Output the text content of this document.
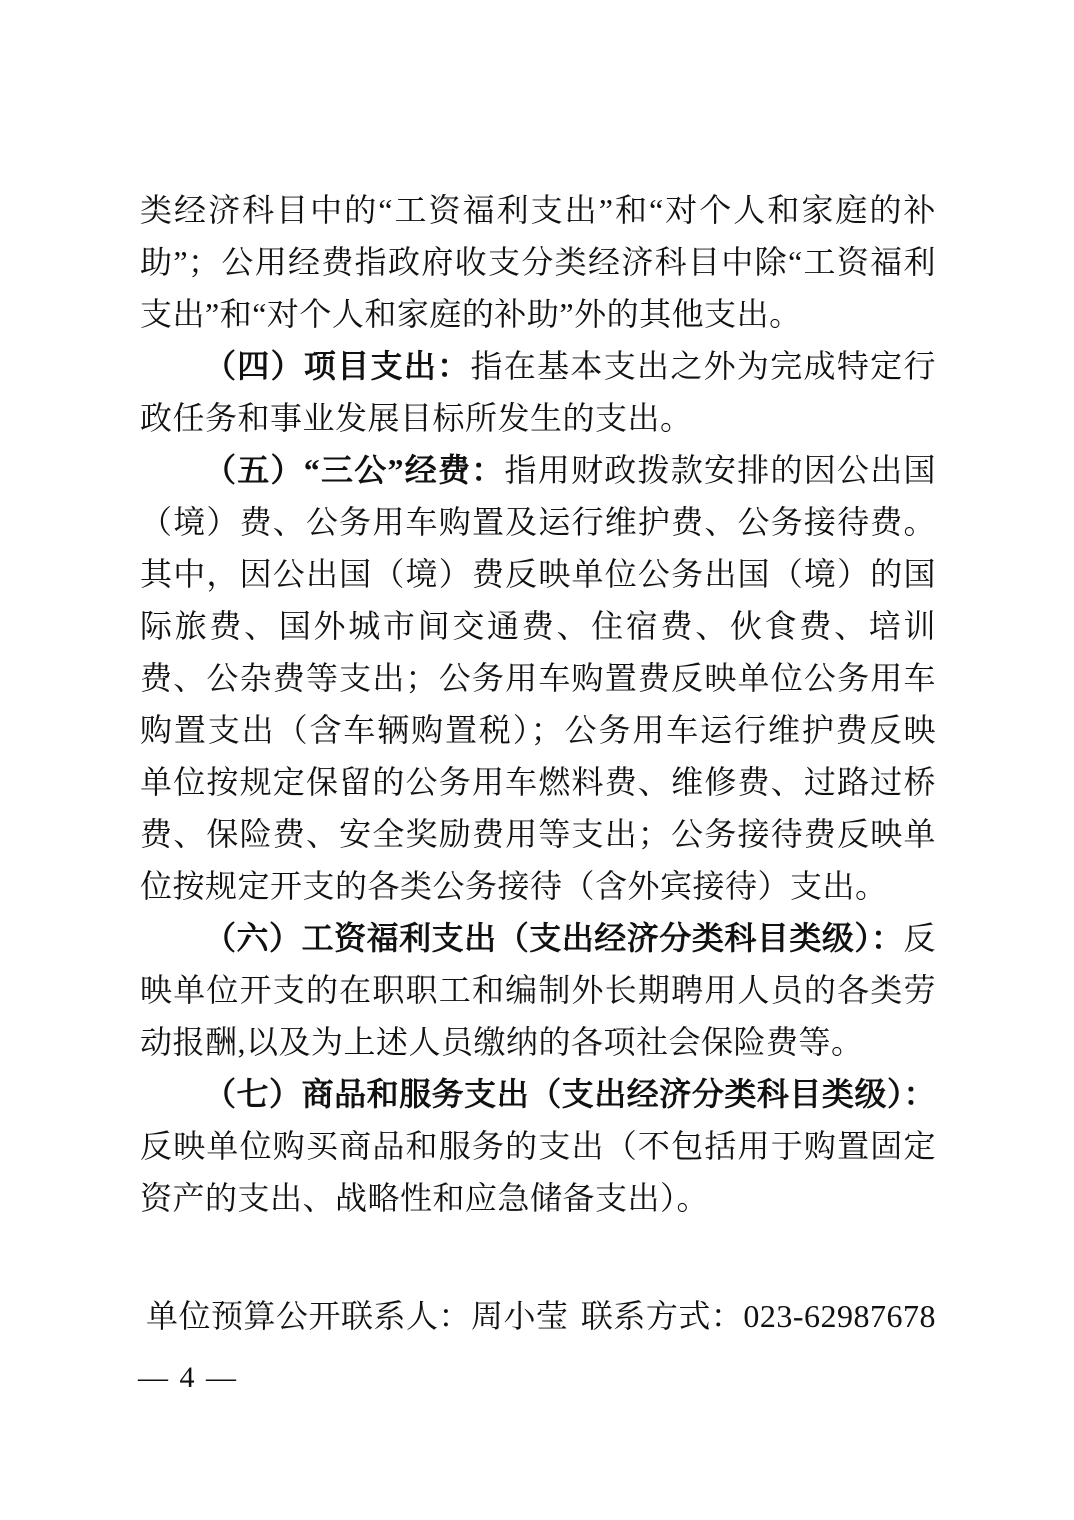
类经济科目中的“工资福利支出”和“对个人和家庭的补助”；公用经费指政府收支分类经济科目中除“工资福利支出”和“对个人和家庭的补助”外的其他支出。

（四）项目支出：指在基本支出之外为完成特定行政任务和事业发展目标所发生的支出。

（五）“三公”经费：指用财政拨款安排的因公出国（境）费、公务用车购置及运行维护费、公务接待费。其中，因公出国（境）费反映单位公务出国（境）的国际旅费、国外城市间交通费、住宿费、伙食费、培训费、公杂费等支出；公务用车购置费反映单位公务用车购置支出（含车辆购置税）；公务用车运行维护费反映单位按规定保留的公务用车燃料费、维修费、过路过桥费、保险费、安全奖励费用等支出；公务接待费反映单位按规定开支的各类公务接待（含外宾接待）支出。

（六）工资福利支出（支出经济分类科目类级）：反映单位开支的在职职工和编制外长期聘用人员的各类劳动报酬,以及为上述人员缴纳的各项社会保险费等。

（七）商品和服务支出（支出经济分类科目类级）：反映单位购买商品和服务的支出（不包括用于购置固定资产的支出、战略性和应急储备支出）。

单位预算公开联系人：周小莹 联系方式：023-62987678
— 4 —
